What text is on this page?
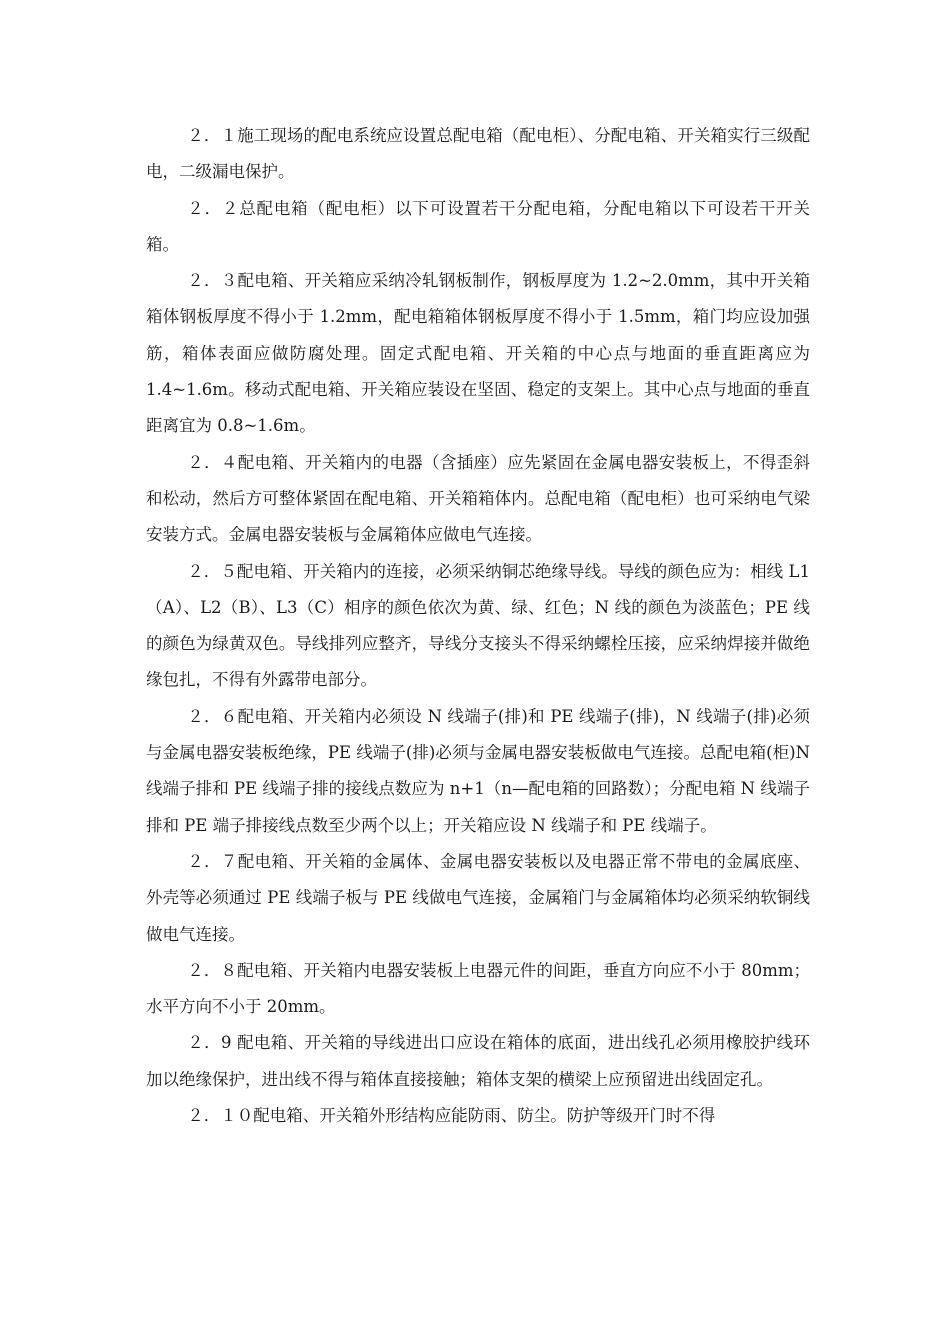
２．１施工现场的配电系统应设置总配电箱（配电柜）、分配电箱、开关箱实行三级配电，二级漏电保护。

２．２总配电箱（配电柜）以下可设置若干分配电箱，分配电箱以下可设若干开关箱。

２．３配电箱、开关箱应采纳冷轧钢板制作，钢板厚度为 1.2~2.0mm，其中开关箱箱体钢板厚度不得小于 1.2mm，配电箱箱体钢板厚度不得小于 1.5mm，箱门均应设加强筋，箱体表面应做防腐处理。固定式配电箱、开关箱的中心点与地面的垂直距离应为 1.4~1.6m。移动式配电箱、开关箱应装设在坚固、稳定的支架上。其中心点与地面的垂直距离宜为 0.8~1.6m。

２．４配电箱、开关箱内的电器（含插座）应先紧固在金属电器安装板上，不得歪斜和松动，然后方可整体紧固在配电箱、开关箱箱体内。总配电箱（配电柜）也可采纳电气梁安装方式。金属电器安装板与金属箱体应做电气连接。

２．５配电箱、开关箱内的连接，必须采纳铜芯绝缘导线。导线的颜色应为：相线 L1（A）、L2（B）、L3（C）相序的颜色依次为黄、绿、红色；N 线的颜色为淡蓝色；PE 线的颜色为绿黄双色。导线排列应整齐，导线分支接头不得采纳螺栓压接，应采纳焊接并做绝缘包扎，不得有外露带电部分。

２．６配电箱、开关箱内必须设 N 线端子(排)和 PE 线端子(排)，N 线端子(排)必须与金属电器安装板绝缘，PE 线端子(排)必须与金属电器安装板做电气连接。总配电箱(柜)N 线端子排和 PE 线端子排的接线点数应为 n+1（n—配电箱的回路数）；分配电箱 N 线端子排和 PE 端子排接线点数至少两个以上；开关箱应设 N 线端子和 PE 线端子。

２．７配电箱、开关箱的金属体、金属电器安装板以及电器正常不带电的金属底座、外壳等必须通过 PE 线端子板与 PE 线做电气连接，金属箱门与金属箱体均必须采纳软铜线做电气连接。

２．８配电箱、开关箱内电器安装板上电器元件的间距，垂直方向应不小于 80mm；水平方向不小于 20mm。

２．9 配电箱、开关箱的导线进出口应设在箱体的底面，进出线孔必须用橡胶护线环加以绝缘保护，进出线不得与箱体直接接触；箱体支架的横梁上应预留进出线固定孔。

２．１０配电箱、开关箱外形结构应能防雨、防尘。防护等级开门时不得
